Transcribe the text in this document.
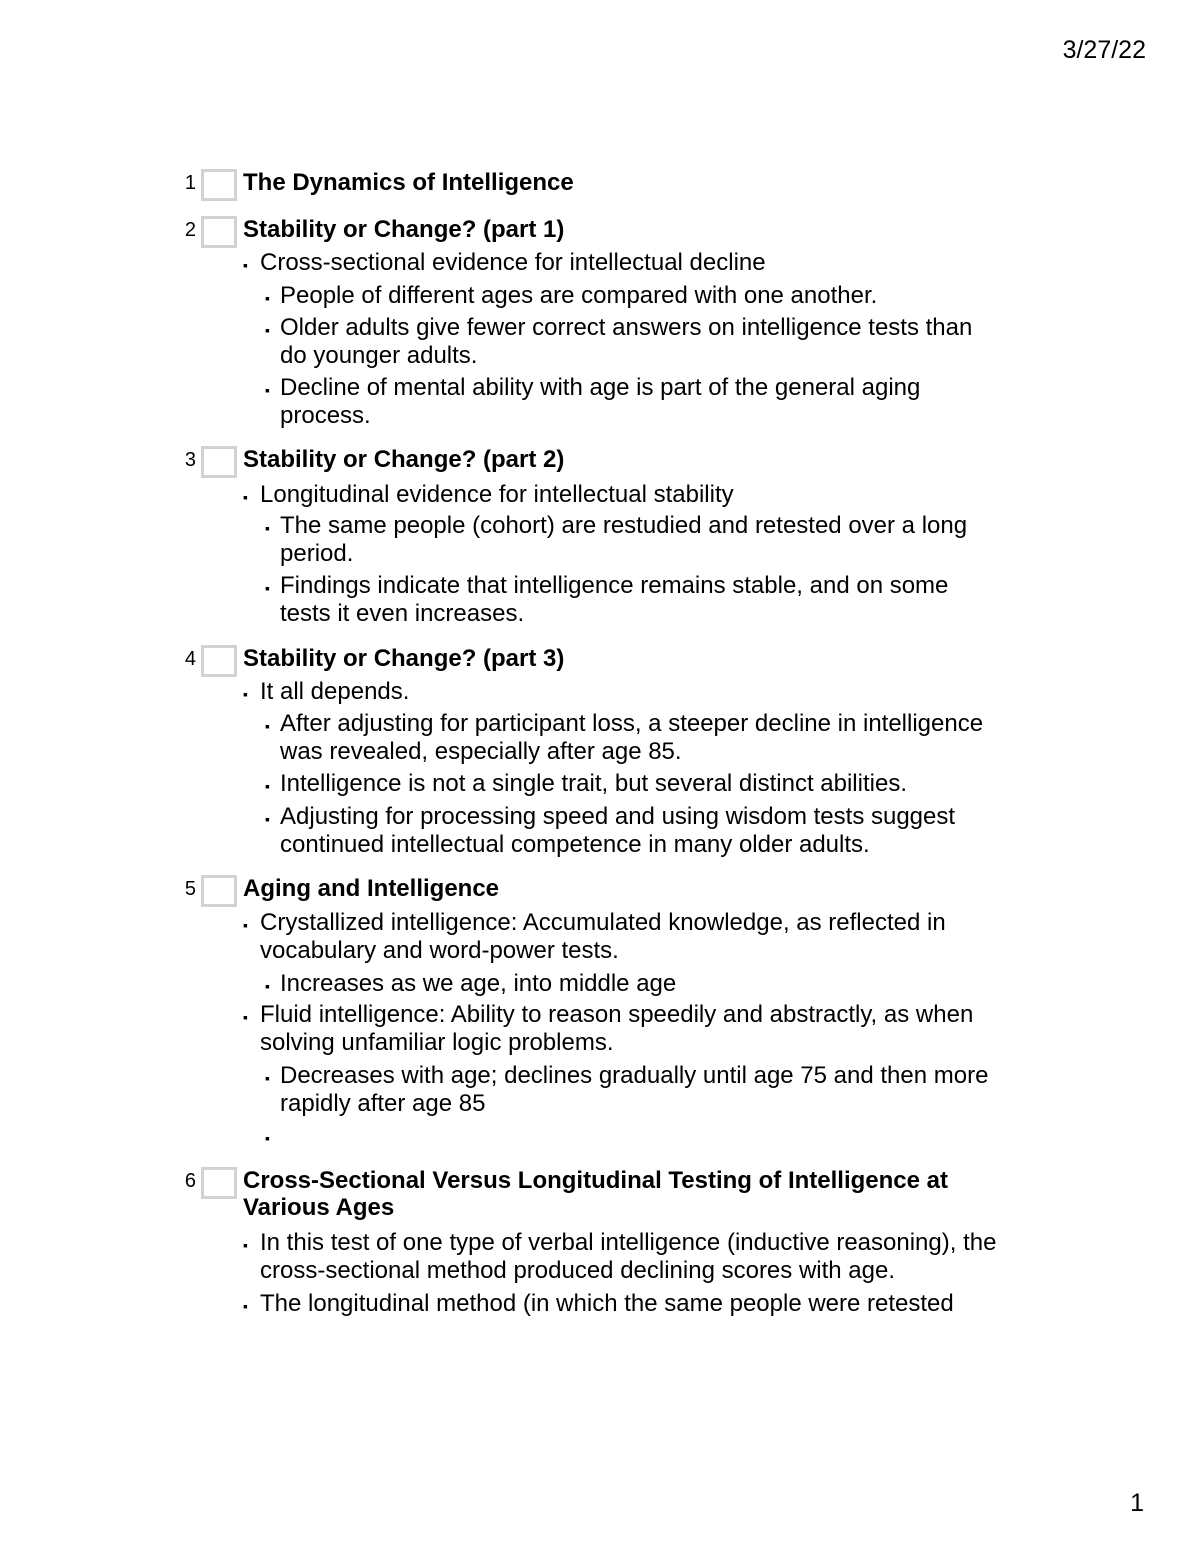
3/27/22
1 The Dynamics of Intelligence
2 Stability or Change? (part 1)
▪ Cross-sectional evidence for intellectual decline
▪ People of different ages are compared with one another.
▪ Older adults give fewer correct answers on intelligence tests than do younger adults.
▪ Decline of mental ability with age is part of the general aging process.
3 Stability or Change? (part 2)
▪ Longitudinal evidence for intellectual stability
▪ The same people (cohort) are restudied and retested over a long period.
▪ Findings indicate that intelligence remains stable, and on some tests it even increases.
4 Stability or Change? (part 3)
▪ It all depends.
▪ After adjusting for participant loss, a steeper decline in intelligence was revealed, especially after age 85.
▪ Intelligence is not a single trait, but several distinct abilities.
▪ Adjusting for processing speed and using wisdom tests suggest continued intellectual competence in many older adults.
5 Aging and Intelligence
▪ Crystallized intelligence: Accumulated knowledge, as reflected in vocabulary and word-power tests.
▪ Increases as we age, into middle age
▪ Fluid intelligence: Ability to reason speedily and abstractly, as when solving unfamiliar logic problems.
▪ Decreases with age; declines gradually until age 75 and then more rapidly after age 85
▪
6 Cross-Sectional Versus Longitudinal Testing of Intelligence at Various Ages
▪ In this test of one type of verbal intelligence (inductive reasoning), the cross-sectional method produced declining scores with age.
▪ The longitudinal method (in which the same people were retested
1
